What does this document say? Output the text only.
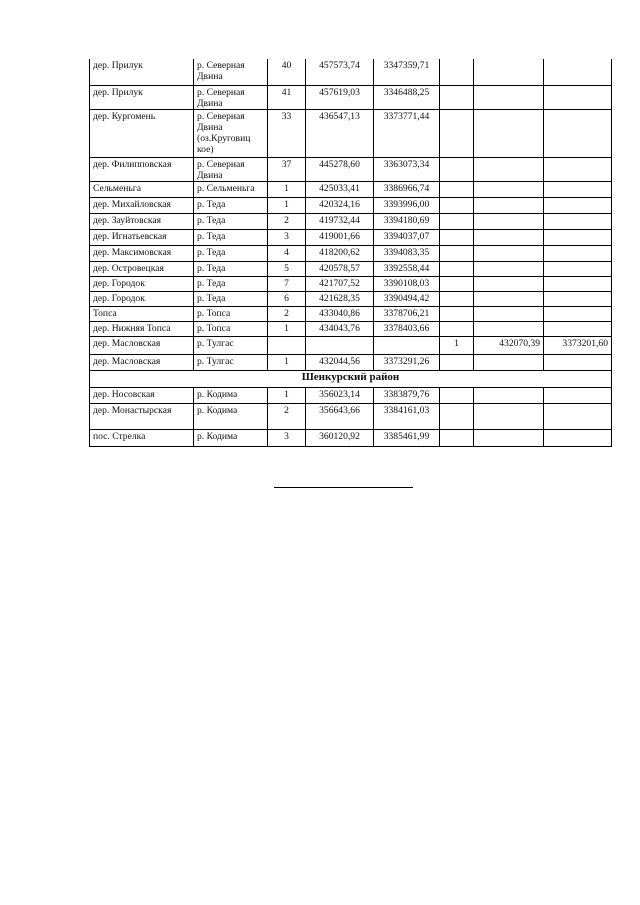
дер. Прилук	р. Северная Двина	40	457573,74	3347359,71			
дер. Прилук	р. Северная Двина	41	457619,03	3346488,25			
дер. Кургомень	р. Северная Двина (оз.Круговиц кое)	33	436547,13	3373771,44			
дер. Филипповская	р. Северная Двина	37	445278,60	3363073,34			
Сельменьга	р. Сельменьга	1	425033,41	3386966,74			
дер. Михайловская	р. Теда	1	420324,16	3393996,00			
дер. Зауйтовская	р. Теда	2	419732,44	3394180,69			
дер. Игнатьевская	р. Теда	3	419001,66	3394037,07			
дер. Максимовская	р. Теда	4	418200,62	3394083,35			
дер. Островецкая	р. Теда	5	420578,57	3392558,44			
дер. Городок	р. Теда	7	421707,52	3390108,03			
дер. Городок	р. Теда	6	421628,35	3390494,42			
Топса	р. Топса	2	433040,86	3378706,21			
дер. Нижняя Топса	р. Топса	1	434043,76	3378403,66			
дер. Масловская	р. Тулгас				1	432070,39	3373201,60
дер. Масловская	р. Тулгас	1	432044,56	3373291,26			
Шенкурский район							
дер. Носовская	р. Кодима	1	356023,14	3383879,76			
дер. Монастырская	р. Кодима	2	356643,66	3384161,03			
пос. Стрелка	р. Кодима	3	360120,92	3385461,99			
